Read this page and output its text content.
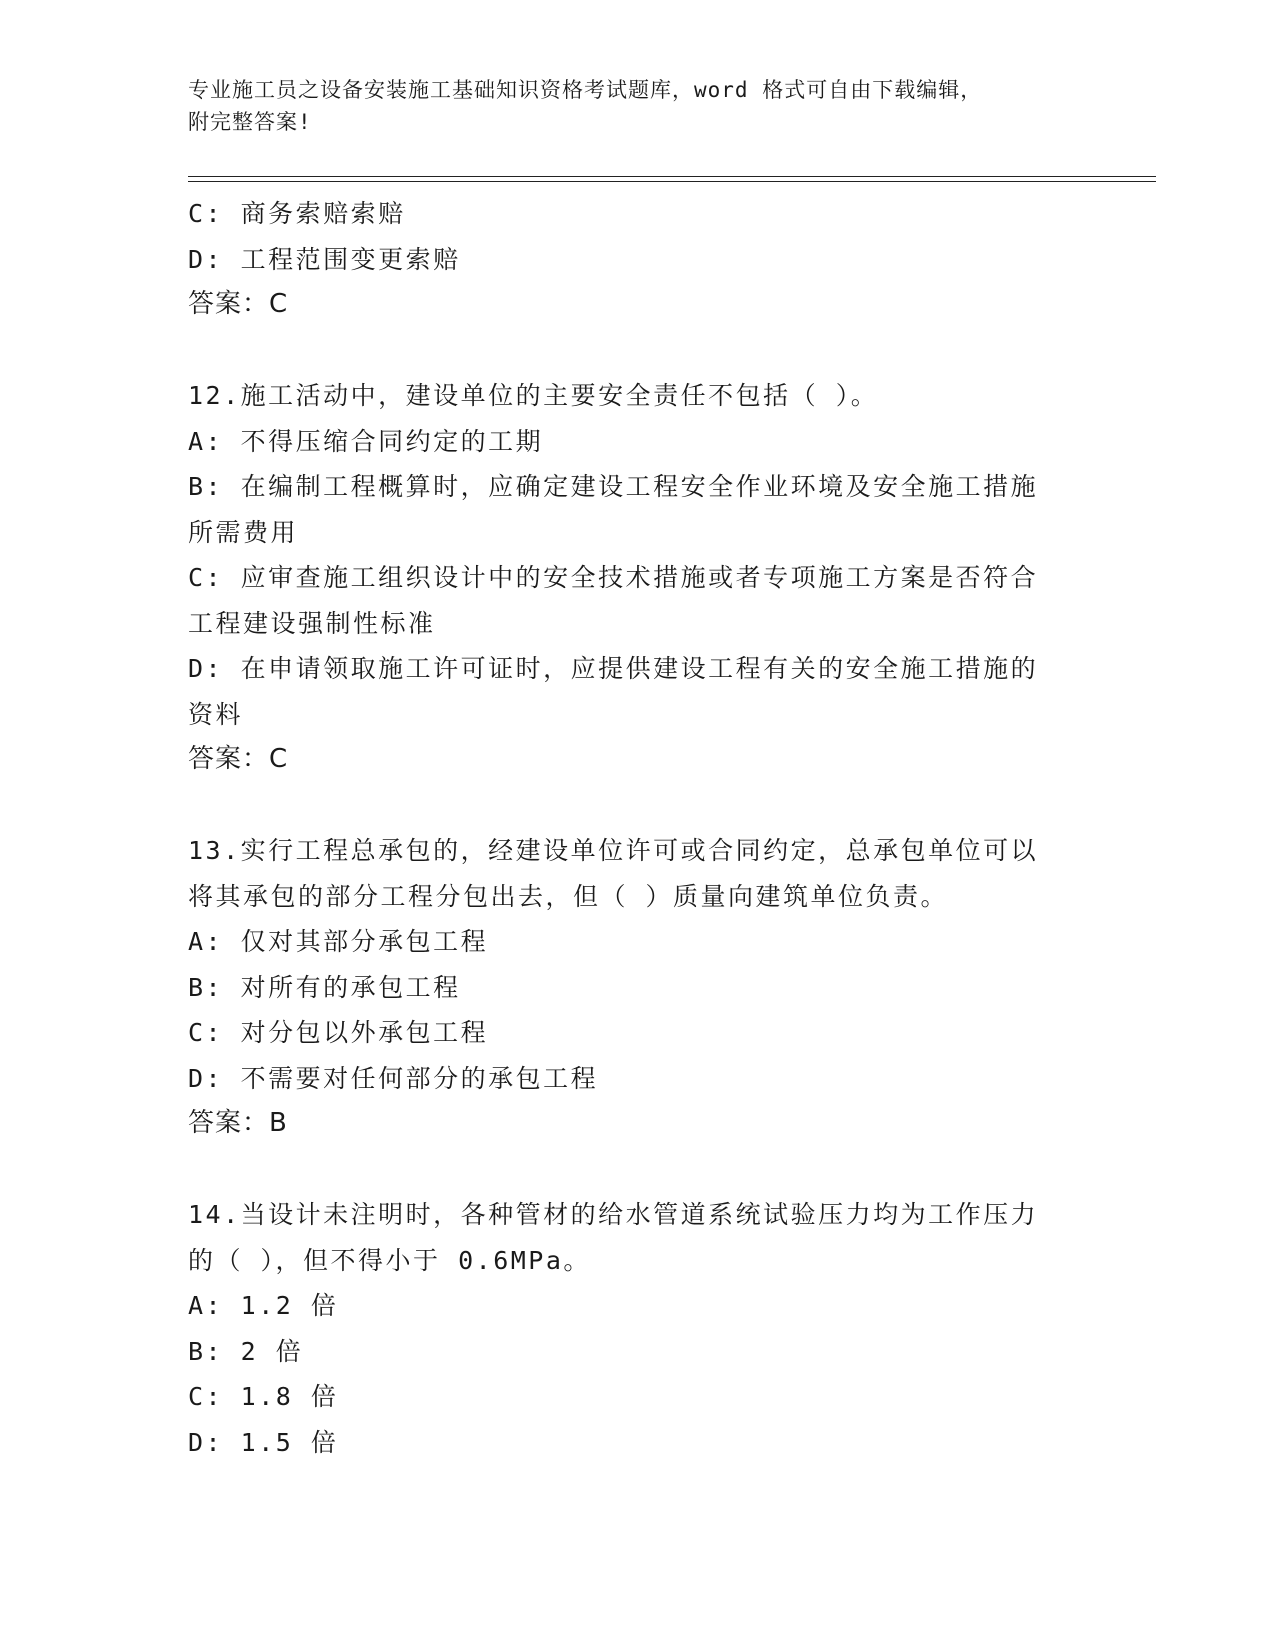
专业施工员之设备安装施工基础知识资格考试题库，word 格式可自由下载编辑，
附完整答案!
C: 商务索赔索赔
D: 工程范围变更索赔
答案：C
12.施工活动中，建设单位的主要安全责任不包括（ ）。
A: 不得压缩合同约定的工期
B: 在编制工程概算时，应确定建设工程安全作业环境及安全施工措施
所需费用
C: 应审查施工组织设计中的安全技术措施或者专项施工方案是否符合
工程建设强制性标准
D: 在申请领取施工许可证时，应提供建设工程有关的安全施工措施的
资料
答案：C
13.实行工程总承包的，经建设单位许可或合同约定，总承包单位可以
将其承包的部分工程分包出去，但（ ）质量向建筑单位负责。
A: 仅对其部分承包工程
B: 对所有的承包工程
C: 对分包以外承包工程
D: 不需要对任何部分的承包工程
答案：B
14.当设计未注明时，各种管材的给水管道系统试验压力均为工作压力
的（ ），但不得小于 0.6MPa。
A: 1.2 倍
B: 2 倍
C: 1.8 倍
D: 1.5 倍
